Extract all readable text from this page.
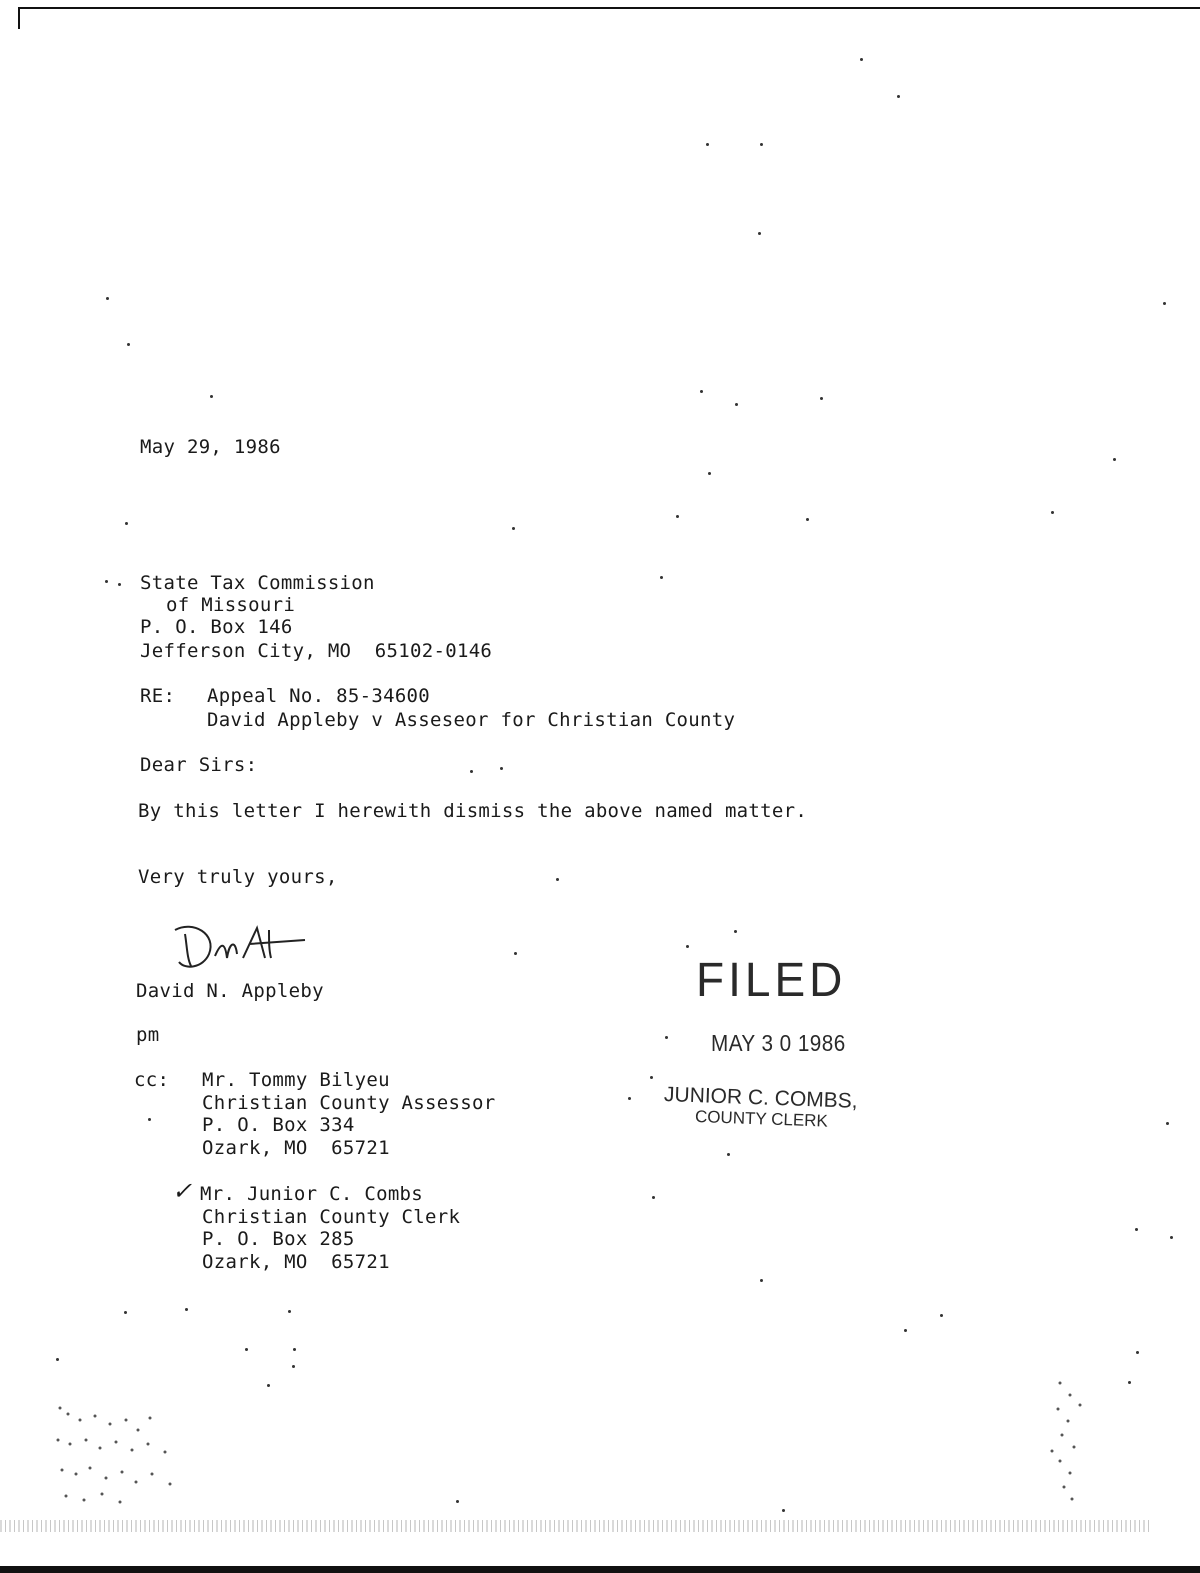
May 29, 1986
State Tax Commission
of Missouri
P. O. Box 146
Jefferson City, MO  65102-0146
RE: Appeal No. 85-34600
David Appleby v Asseseor for Christian County
Dear Sirs:
By this letter I herewith dismiss the above named matter.
Very truly yours,
David N. Appleby
pm
cc: Mr. Tommy Bilyeu
Christian County Assessor
P. O. Box 334
Ozark, MO  65721
✓ Mr. Junior C. Combs
Christian County Clerk
P. O. Box 285
Ozark, MO  65721
FILED
MAY 3 0 1986
JUNIOR C. COMBS,
COUNTY CLERK
